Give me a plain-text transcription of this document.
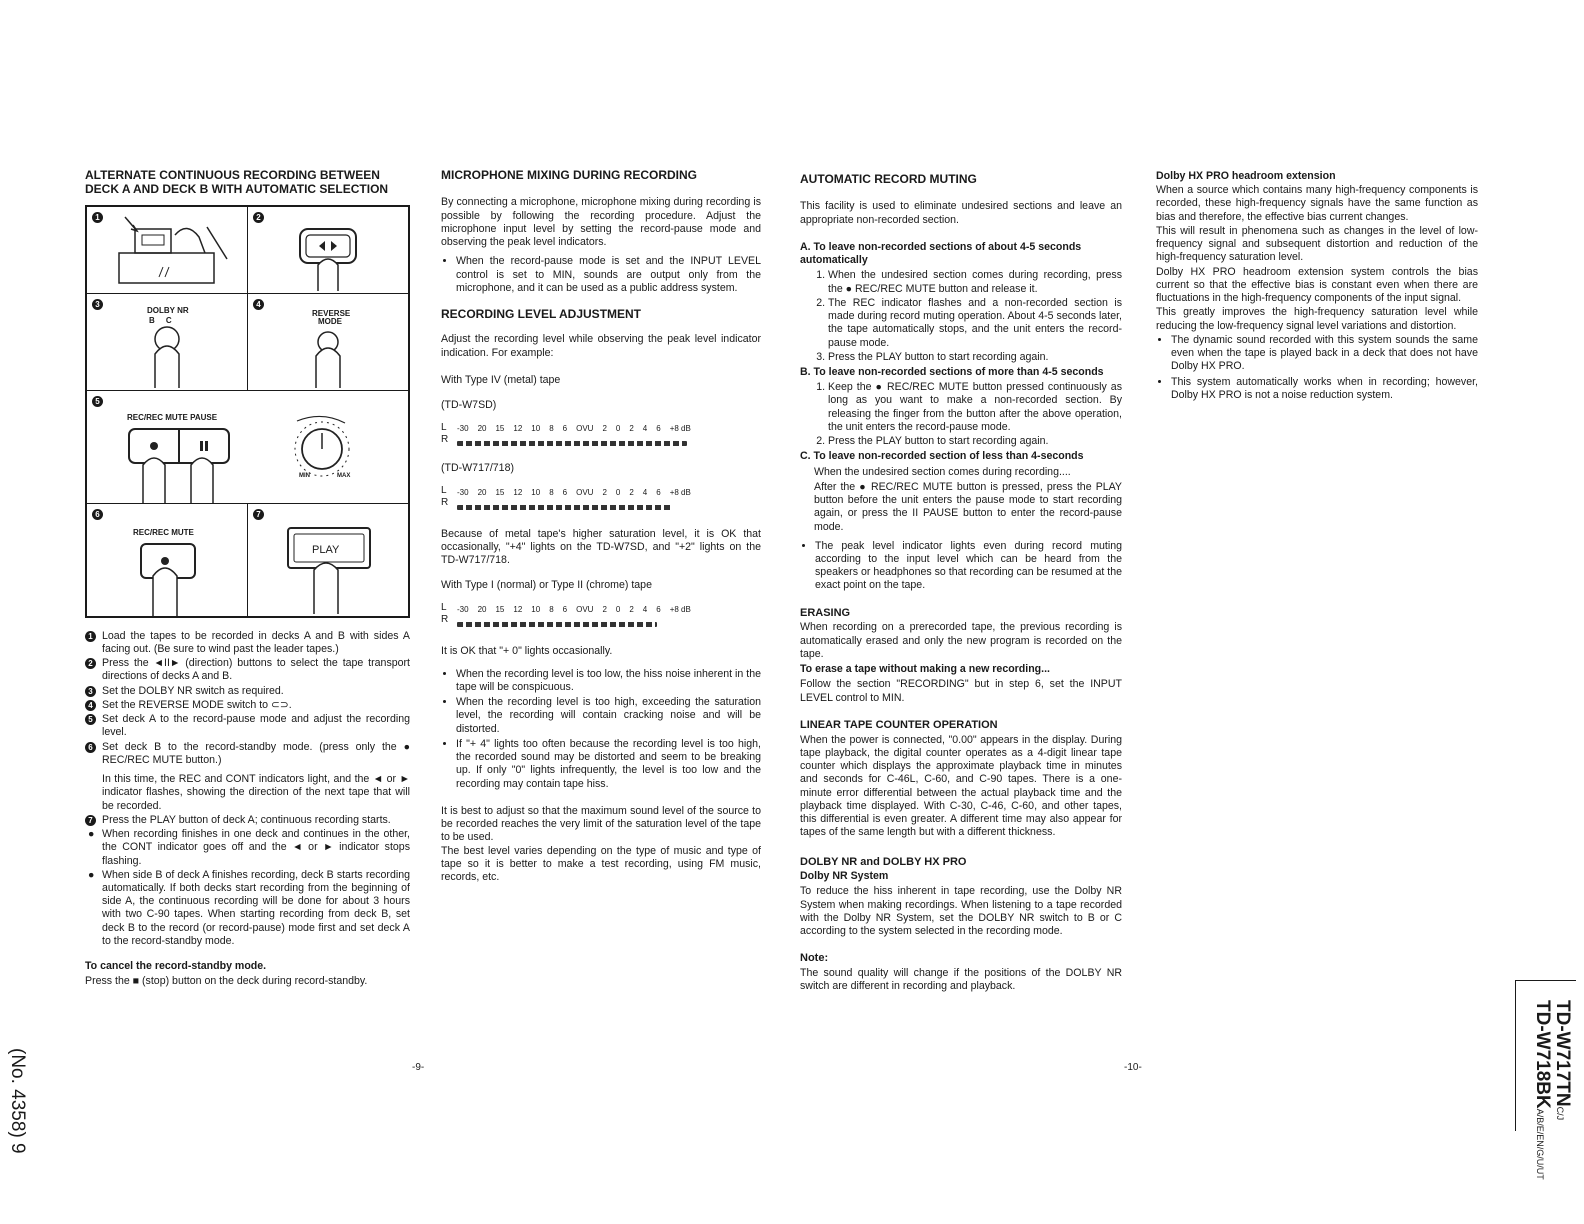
ALTERNATE CONTINUOUS RECORDING BETWEEN DECK A AND DECK B WITH AUTOMATIC SELECTION
1	2
3
DOLBY NR
B     C
4
REVERSE MODE
5
REC/REC MUTE PAUSE
MIN	MAX
6
REC/REC MUTE
7
PLAY
1 Load the tapes to be recorded in decks A and B with sides A facing out. (Be sure to wind past the leader tapes.)
2 Press the ◄II► (direction) buttons to select the tape transport directions of decks A and B.
3 Set the DOLBY NR switch as required.
4 Set the REVERSE MODE switch to ⊂⊃.
5 Set deck A to the record-pause mode and adjust the recording level.
6 Set deck B to the record-standby mode. (press only the ● REC/REC MUTE button.)

In this time, the REC and CONT indicators light, and the ◄ or ► indicator flashes, showing the direction of the next tape that will be recorded.

7 Press the PLAY button of deck A; continuous recording starts.
● When recording finishes in one deck and continues in the other, the CONT indicator goes off and the ◄ or ► indicator stops flashing.
● When side B of deck A finishes recording, deck B starts recording automatically. If both decks start recording from the beginning of side A, the continuous recording will be done for about 3 hours with two C-90 tapes. When starting recording from deck B, set deck B to the record (or record-pause) mode first and set deck A to the record-standby mode.
To cancel the record-standby mode.

Press the ■ (stop) button on the deck during record-standby.

MICROPHONE MIXING DURING RECORDING

By connecting a microphone, microphone mixing during recording is possible by following the recording procedure. Adjust the microphone input level by setting the record-pause mode and observing the peak level indicators.

• When the record-pause mode is set and the INPUT LEVEL control is set to MIN, sounds are output only from the microphone, and it can be used as a public address system.
RECORDING LEVEL ADJUSTMENT

Adjust the recording level while observing the peak level indicator indication. For example:

With Type IV (metal) tape

(TD-W7SD)

L	-30 20 15 12 10 8 6 OVU 2 0 2 4 6 +8 dB
R

(TD-W717/718)

L	-30 20 15 12 10 8 6 OVU 2 0 2 4 6 +8 dB
R

Because of metal tape's higher saturation level, it is OK that occasionally, "+4" lights on the TD-W7SD, and "+2" lights on the TD-W717/718.

With Type I (normal) or Type II (chrome) tape

L	-30 20 15 12 10 8 6 OVU 2 0 2 4 6 +8 dB
R

It is OK that "+ 0" lights occasionally.

• When the recording level is too low, the hiss noise inherent in the tape will be conspicuous.
• When the recording level is too high, exceeding the saturation level, the recording will contain cracking noise and will be distorted.
• If "+ 4" lights too often because the recording level is too high, the recorded sound may be distorted and seem to be breaking up. If only "0" lights infrequently, the level is too low and the recording may contain tape hiss.

It is best to adjust so that the maximum sound level of the source to be recorded reaches the very limit of the saturation level of the tape to be used.

The best level varies depending on the type of music and type of tape so it is better to make a test recording, using FM music, records, etc.

AUTOMATIC RECORD MUTING

This facility is used to eliminate undesired sections and leave an appropriate non-recorded section.

A. To leave non-recorded sections of about 4-5 seconds automatically
1. When the undesired section comes during recording, press the ● REC/REC MUTE button and release it.
2. The REC indicator flashes and a non-recorded section is made during record muting operation. About 4-5 seconds later, the tape automatically stops, and the unit enters the record-pause mode.
3. Press the PLAY button to start recording again.
B. To leave non-recorded sections of more than 4-5 seconds
1. Keep the ● REC/REC MUTE button pressed continuously as long as you want to make a non-recorded section. By releasing the finger from the button after the above operation, the unit enters the record-pause mode.
2. Press the PLAY button to start recording again.
C. To leave non-recorded section of less than 4-seconds

When the undesired section comes during recording....

After the ● REC/REC MUTE button is pressed, press the PLAY button before the unit enters the pause mode to start recording again, or press the II PAUSE button to enter the record-pause mode.

• The peak level indicator lights even during record muting according to the input level which can be heard from the speakers or headphones so that recording can be resumed at the exact point on the tape.
ERASING

When recording on a prerecorded tape, the previous recording is automatically erased and only the new program is recorded on the tape.

To erase a tape without making a new recording...

Follow the section "RECORDING" but in step 6, set the INPUT LEVEL control to MIN.

LINEAR TAPE COUNTER OPERATION

When the power is connected, "0.00" appears in the display. During tape playback, the digital counter operates as a 4-digit linear tape counter which displays the approximate playback time in minutes and seconds for C-46L, C-60, and C-90 tapes. There is a one-minute error differential between the actual playback time and the playback time displayed. With C-30, C-46, C-60, and other tapes, this differential is even greater. A different time may also appear for tapes of the same length but with a different thickness.

DOLBY NR and DOLBY HX PRO
Dolby NR System

To reduce the hiss inherent in tape recording, use the Dolby NR System when making recordings. When listening to a tape recorded with the Dolby NR System, set the DOLBY NR switch to B or C according to the system selected in the recording mode.

Note:

The sound quality will change if the positions of the DOLBY NR switch are different in recording and playback.

Dolby HX PRO headroom extension

When a source which contains many high-frequency components is recorded, these high-frequency signals have the same function as bias and therefore, the effective bias current changes.

This will result in phenomena such as changes in the level of low-frequency signal and subsequent distortion and reduction of the high-frequency saturation level.

Dolby HX PRO headroom extension system controls the bias current so that the effective bias is constant even when there are fluctuations in the high-frequency components of the input signal.

This greatly improves the high-frequency saturation level while reducing the low-frequency signal level variations and distortion.

• The dynamic sound recorded with this system sounds the same even when the tape is played back in a deck that does not have Dolby HX PRO.
• This system automatically works when in recording; however, Dolby HX PRO is not a noise reduction system.
-9-	-10-
(No. 4358) 9	TD-W717TNC/J
TD-W718BKA/B/E/EN/G/U/UT
